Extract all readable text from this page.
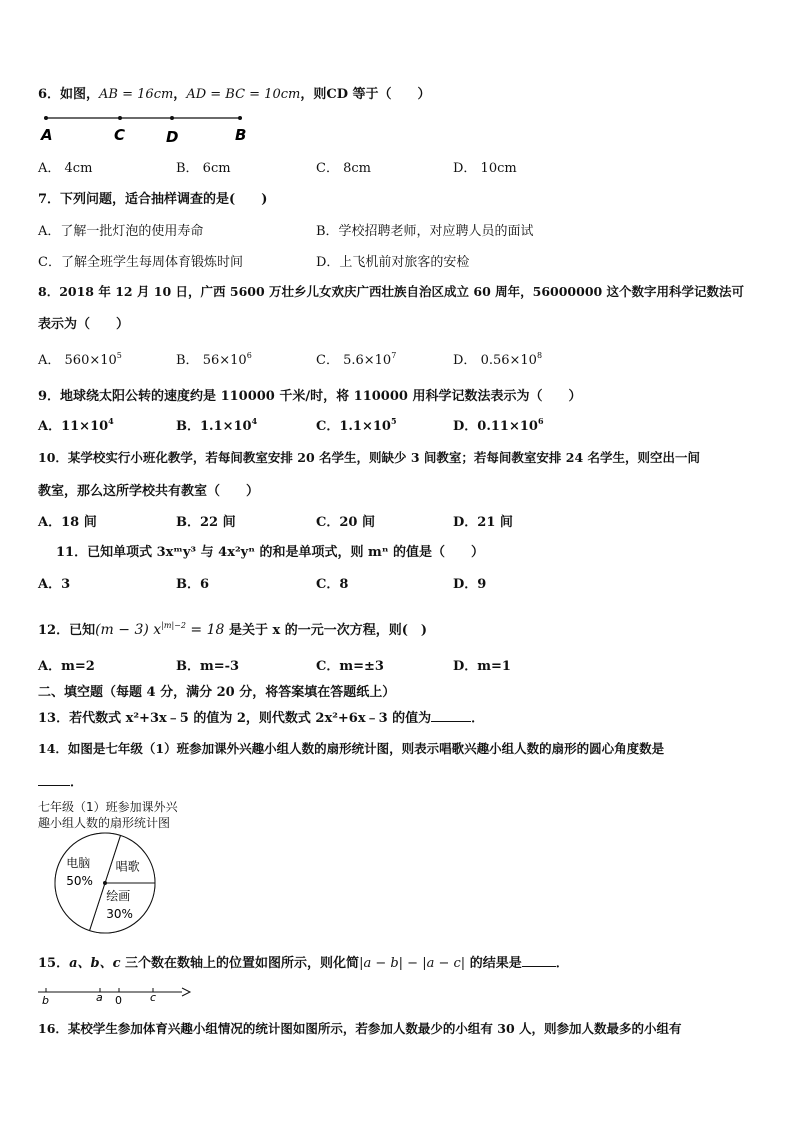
6．如图，AB = 16cm，AD = BC = 10cm，则CD 等于（　　）
A	C	D	B
A． 4cm	B． 6cm	C． 8cm	D． 10cm
7．下列问题，适合抽样调查的是(　　)
A．了解一批灯泡的使用寿命	B．学校招聘老师，对应聘人员的面试
C．了解全班学生每周体育锻炼时间	D．上飞机前对旅客的安检
8．2018 年 12 月 10 日，广西 5600 万壮乡儿女欢庆广西壮族自治区成立 60 周年，56000000 这个数字用科学记数法可
表示为（　　）
A． $560\times 10^5$	B． $56\times 10^6$	C． $5.6\times 10^7$	D． $0.56\times 10^8$
9．地球绕太阳公转的速度约是 110000 千米/时，将 110000 用科学记数法表示为（　　）
A．$11\times 10^4$	B．$1.1\times 10^4$	C．$1.1\times 10^5$	D．$0.11\times 10^6$
10．某学校实行小班化教学，若每间教室安排 20 名学生，则缺少 3 间教室；若每间教室安排 24 名学生，则空出一间
教室，那么这所学校共有教室（　　）
A．18 间	B．22 间	C．20 间	D．21 间
11．已知单项式 3xᵐy³ 与 4x²yⁿ 的和是单项式，则 mⁿ 的值是（　　）
A．3	B．6	C．8	D．9
12．已知(m − 3) $x^{|m|-2} = 18$ 是关于 x 的一元一次方程，则(　)
A．m=2	B．m=-3	C．m=±3	D．m=1
二、填空题（每题 4 分，满分 20 分，将答案填在答题纸上）
13．若代数式 x²+3x﹣5 的值为 2，则代数式 2x²+6x﹣3 的值为	．
14．如图是七年级（1）班参加课外兴趣小组人数的扇形统计图，则表示唱歌兴趣小组人数的扇形的圆心角度数是
．
七年级（1）班参加课外兴
趣小组人数的扇形统计图
电脑
50%
唱歌
绘画
30%
15．a、b、c 三个数在数轴上的位置如图所示，则化简|a − b| − |a − c| 的结果是	．
b	a 0	c
16．某校学生参加体育兴趣小组情况的统计图如图所示，若参加人数最少的小组有 30 人，则参加人数最多的小组有
